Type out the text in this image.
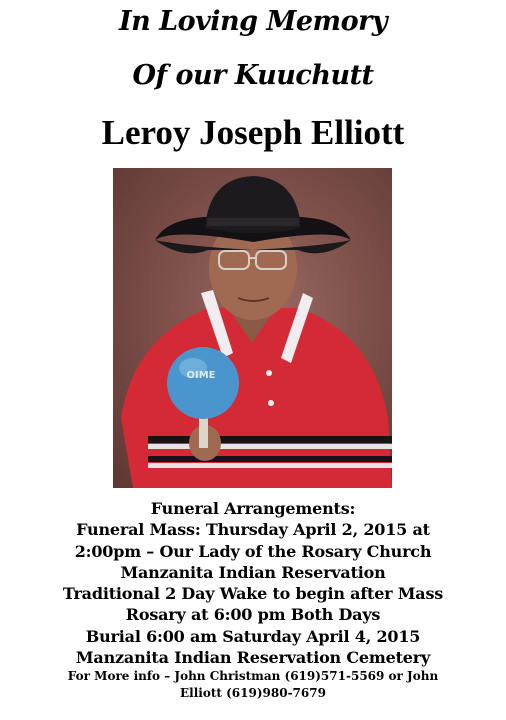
In Loving Memory
Of our Kuuchutt
Leroy Joseph Elliott
OIME
Funeral Arrangements:
Funeral Mass: Thursday April 2, 2015 at
2:00pm – Our Lady of the Rosary Church
Manzanita Indian Reservation
Traditional 2 Day Wake to begin after Mass
Rosary at 6:00 pm Both Days
Burial 6:00 am Saturday April 4, 2015
Manzanita Indian Reservation Cemetery
For More info – John Christman (619)571-5569 or John
Elliott (619)980-7679
